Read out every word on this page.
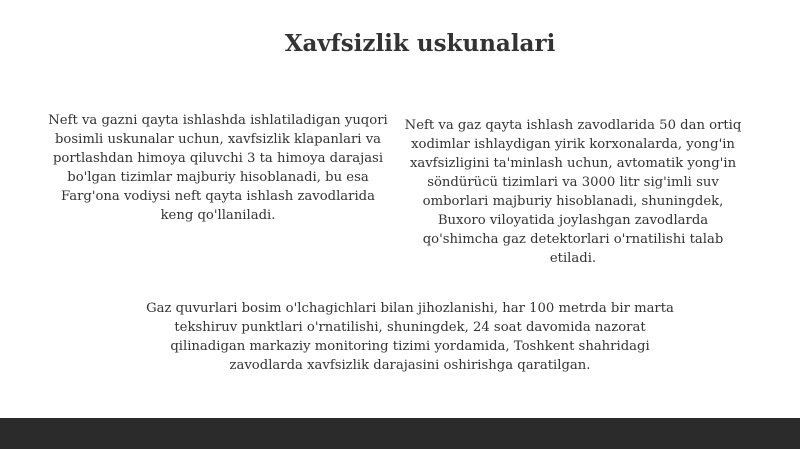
Xavfsizlik uskunalari

Neft va gazni qayta ishlashda ishlatiladigan yuqori bosimli uskunalar uchun, xavfsizlik klapanlari va portlashdan himoya qiluvchi 3 ta himoya darajasi bo'lgan tizimlar majburiy hisoblanadi, bu esa Farg'ona vodiysi neft qayta ishlash zavodlarida keng qo'llaniladi.

Neft va gaz qayta ishlash zavodlarida 50 dan ortiq xodimlar ishlaydigan yirik korxonalarda, yong'in xavfsizligini ta'minlash uchun, avtomatik yong'in söndürücü tizimlari va 3000 litr sig'imli suv omborlari majburiy hisoblanadi, shuningdek, Buxoro viloyatida joylashgan zavodlarda qo'shimcha gaz detektorlari o'rnatilishi talab etiladi.

Gaz quvurlari bosim o'lchagichlari bilan jihozlanishi, har 100 metrda bir marta tekshiruv punktlari o'rnatilishi, shuningdek, 24 soat davomida nazorat qilinadigan markaziy monitoring tizimi yordamida, Toshkent shahridagi zavodlarda xavfsizlik darajasini oshirishga qaratilgan.
